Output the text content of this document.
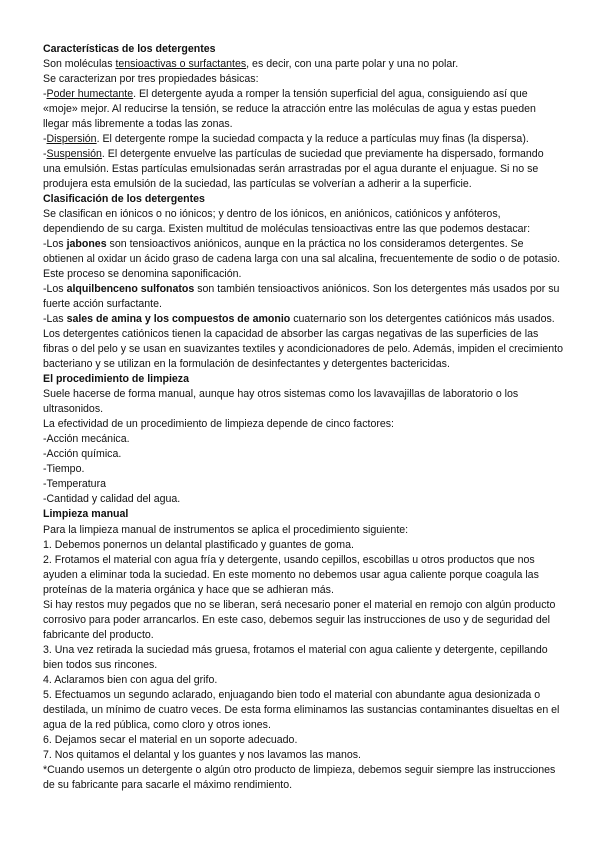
Características de los detergentes

Son moléculas tensioactivas o surfactantes, es decir, con una parte polar y una no polar.

Se caracterizan por tres propiedades básicas:

-Poder humectante. El detergente ayuda a romper la tensión superficial del agua, consiguiendo así que «moje» mejor. Al reducirse la tensión, se reduce la atracción entre las moléculas de agua y estas pueden llegar más libremente a todas las zonas.

-Dispersión. El detergente rompe la suciedad compacta y la reduce a partículas muy finas (la dispersa).

-Suspensión. El detergente envuelve las partículas de suciedad que previamente ha dispersado, formando una emulsión. Estas partículas emulsionadas serán arrastradas por el agua durante el enjuague. Si no se produjera esta emulsión de la suciedad, las partículas se volverían a adherir a la superficie.

Clasificación de los detergentes

Se clasifican en iónicos o no iónicos; y dentro de los iónicos, en aniónicos, catiónicos y anfóteros, dependiendo de su carga. Existen multitud de moléculas tensioactivas entre las que podemos destacar:

-Los jabones son tensioactivos aniónicos, aunque en la práctica no los consideramos detergentes. Se obtienen al oxidar un ácido graso de cadena larga con una sal alcalina, frecuentemente de sodio o de potasio. Este proceso se denomina saponificación.

-Los alquilbenceno sulfonatos son también tensioactivos aniónicos. Son los detergentes más usados por su fuerte acción surfactante.

-Las sales de amina y los compuestos de amonio cuaternario son los detergentes catiónicos más usados. Los detergentes catiónicos tienen la capacidad de absorber las cargas negativas de las superficies de las fibras o del pelo y se usan en suavizantes textiles y acondicionadores de pelo. Además, impiden el crecimiento bacteriano y se utilizan en la formulación de desinfectantes y detergentes bactericidas.

El procedimiento de limpieza

Suele hacerse de forma manual, aunque hay otros sistemas como los lavavajillas de laboratorio o los ultrasonidos.

La efectividad de un procedimiento de limpieza depende de cinco factores:

-Acción mecánica.

-Acción química.

-Tiempo.

-Temperatura

-Cantidad y calidad del agua.

Limpieza manual

Para la limpieza manual de instrumentos se aplica el procedimiento siguiente:

1. Debemos ponernos un delantal plastificado y guantes de goma.

2. Frotamos el material con agua fría y detergente, usando cepillos, escobillas u otros productos que nos ayuden a eliminar toda la suciedad. En este momento no debemos usar agua caliente porque coagula las proteínas de la materia orgánica y hace que se adhieran más.

Si hay restos muy pegados que no se liberan, será necesario poner el material en remojo con algún producto corrosivo para poder arrancarlos. En este caso, debemos seguir las instrucciones de uso y de seguridad del fabricante del producto.

3. Una vez retirada la suciedad más gruesa, frotamos el material con agua caliente y detergente, cepillando bien todos sus rincones.

4. Aclaramos bien con agua del grifo.

5. Efectuamos un segundo aclarado, enjuagando bien todo el material con abundante agua desionizada o destilada, un mínimo de cuatro veces. De esta forma eliminamos las sustancias contaminantes disueltas en el agua de la red pública, como cloro y otros iones.

6. Dejamos secar el material en un soporte adecuado.

7. Nos quitamos el delantal y los guantes y nos lavamos las manos.

*Cuando usemos un detergente o algún otro producto de limpieza, debemos seguir siempre las instrucciones de su fabricante para sacarle el máximo rendimiento.
